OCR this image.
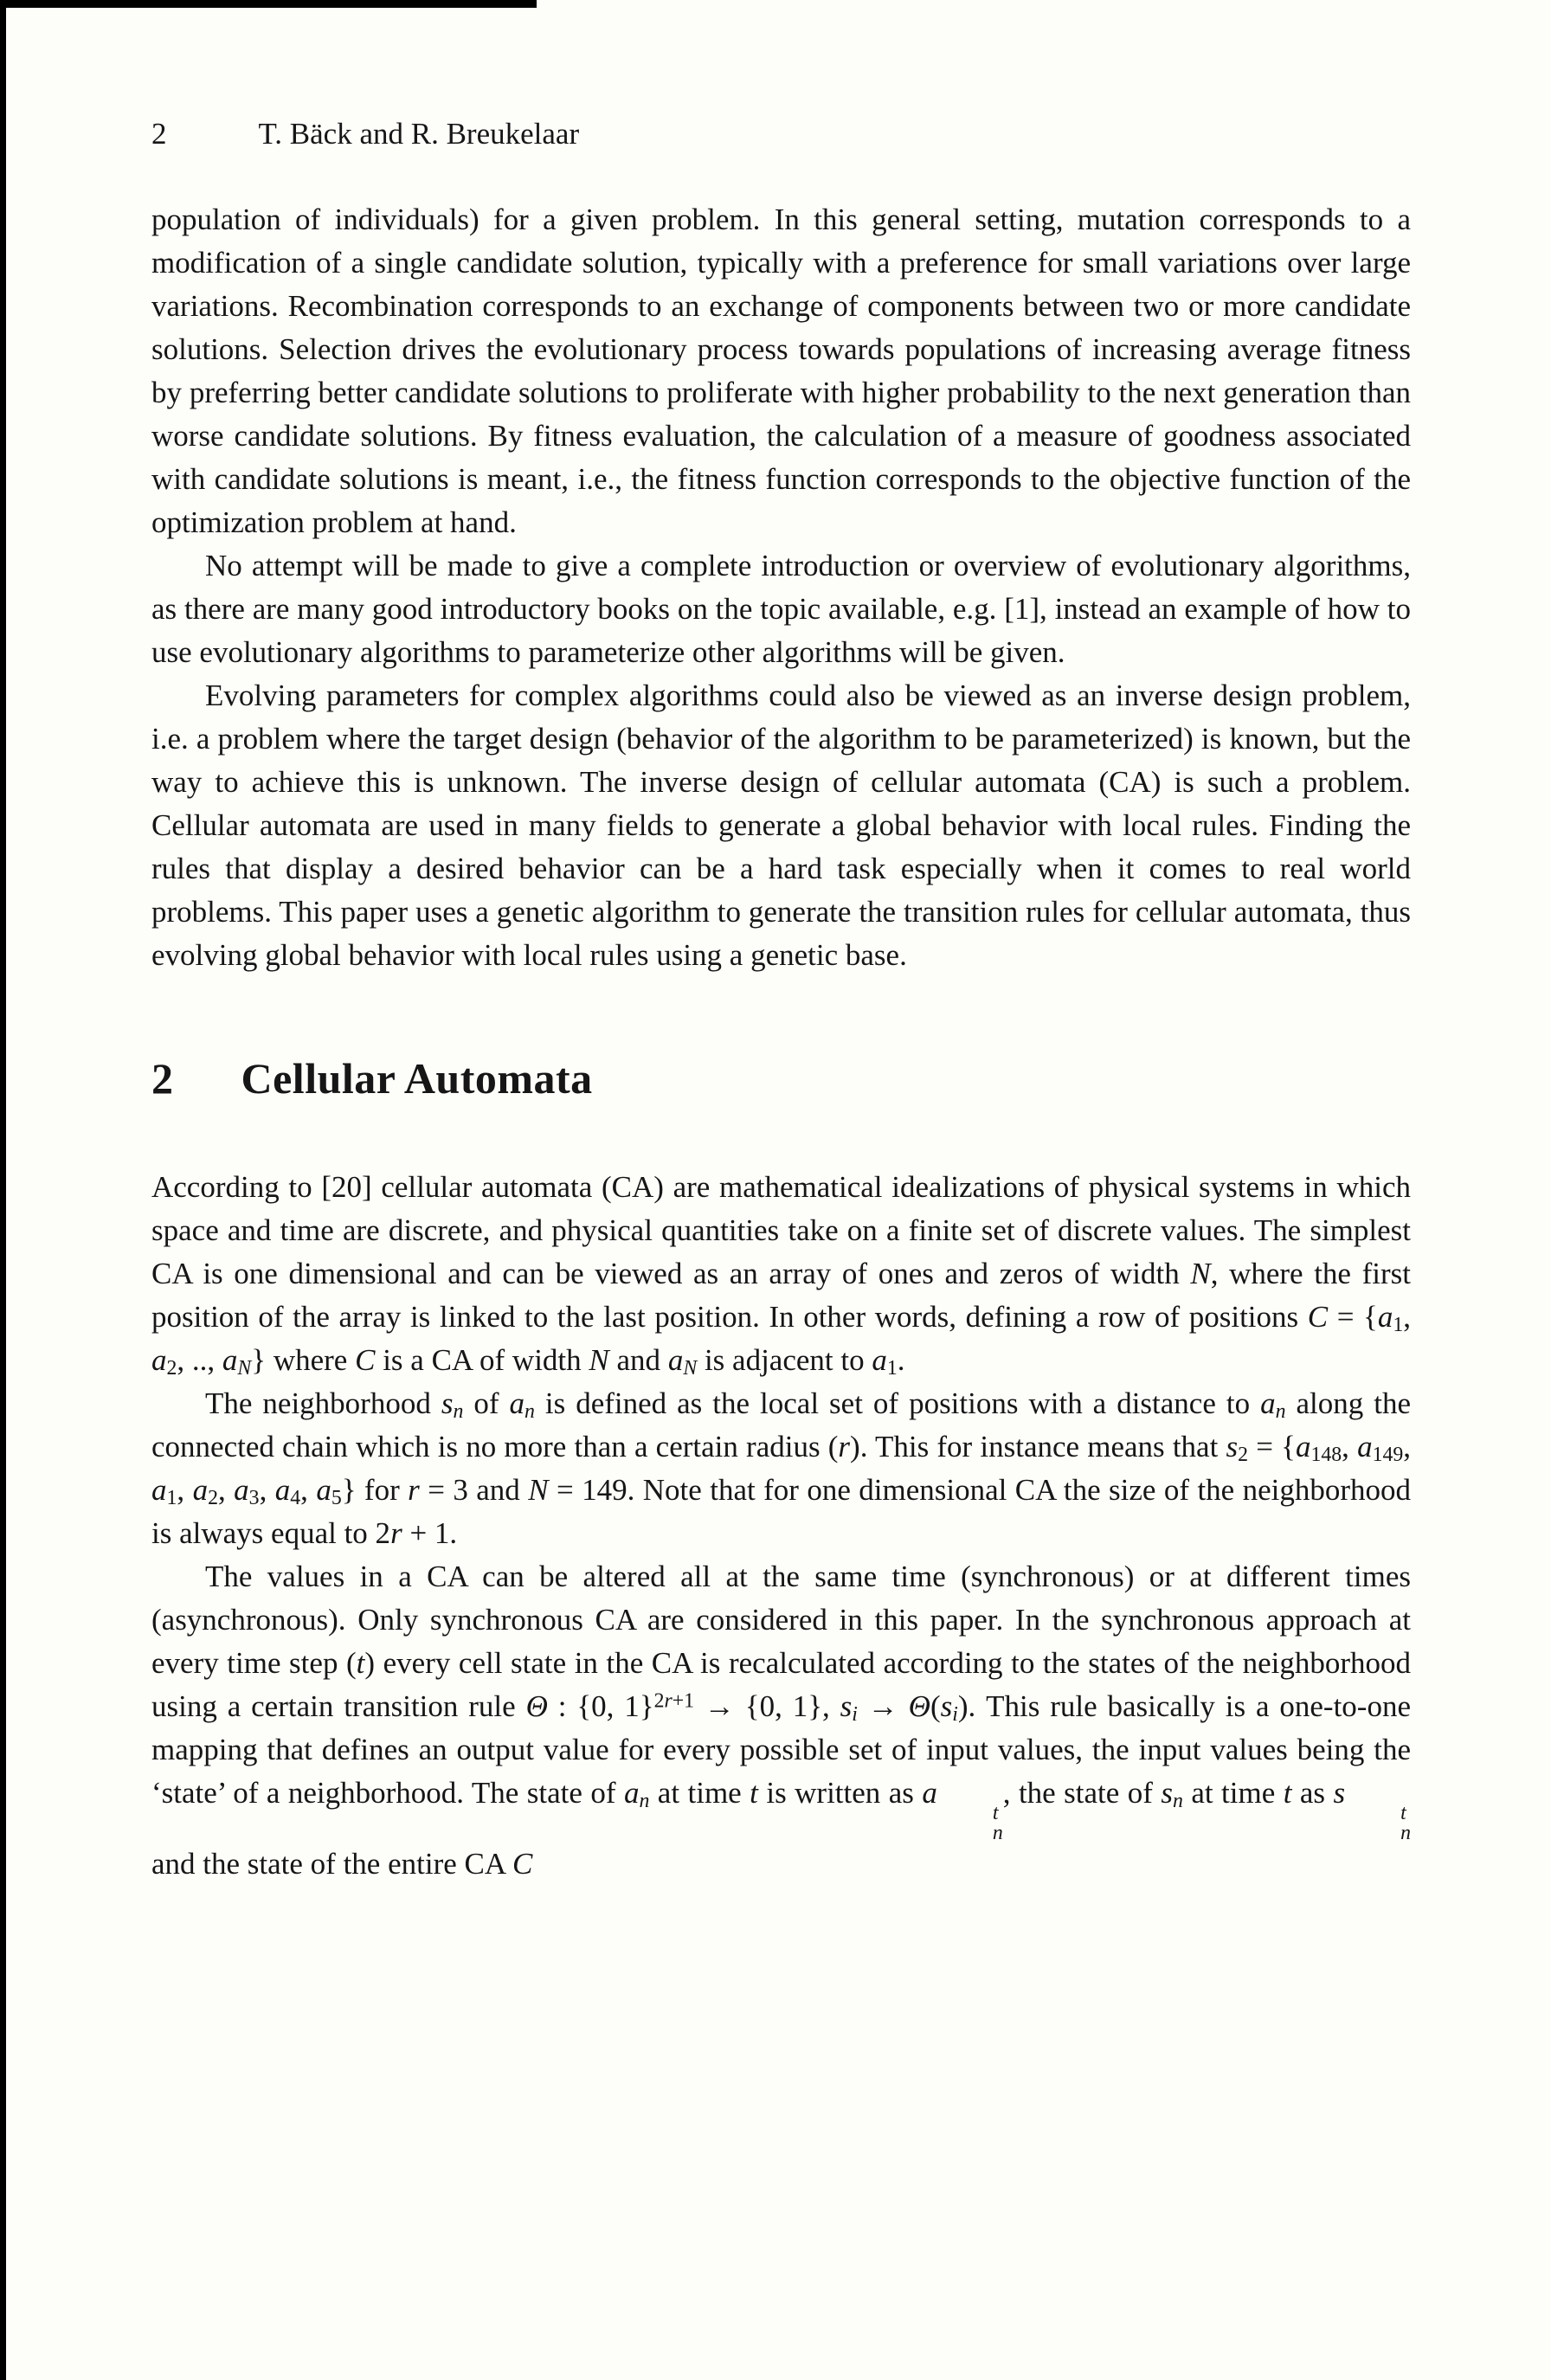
2	T. Bäck and R. Breukelaar

population of individuals) for a given problem. In this general setting, mutation corresponds to a modification of a single candidate solution, typically with a preference for small variations over large variations. Recombination corresponds to an exchange of components between two or more candidate solutions. Selection drives the evolutionary process towards populations of increasing average fitness by preferring better candidate solutions to proliferate with higher probability to the next generation than worse candidate solutions. By fitness evaluation, the calculation of a measure of goodness associated with candidate solutions is meant, i.e., the fitness function corresponds to the objective function of the optimization problem at hand.

No attempt will be made to give a complete introduction or overview of evolutionary algorithms, as there are many good introductory books on the topic available, e.g. [1], instead an example of how to use evolutionary algorithms to parameterize other algorithms will be given.

Evolving parameters for complex algorithms could also be viewed as an inverse design problem, i.e. a problem where the target design (behavior of the algorithm to be parameterized) is known, but the way to achieve this is unknown. The inverse design of cellular automata (CA) is such a problem. Cellular automata are used in many fields to generate a global behavior with local rules. Finding the rules that display a desired behavior can be a hard task especially when it comes to real world problems. This paper uses a genetic algorithm to generate the transition rules for cellular automata, thus evolving global behavior with local rules using a genetic base.

2 Cellular Automata

According to [20] cellular automata (CA) are mathematical idealizations of physical systems in which space and time are discrete, and physical quantities take on a finite set of discrete values. The simplest CA is one dimensional and can be viewed as an array of ones and zeros of width N, where the first position of the array is linked to the last position. In other words, defining a row of positions $C = \{a_1$, $a_2$, .., $a_N$} where C is a CA of width N and $a_N$ is adjacent to $a_1$.

The neighborhood $s_n$ of $a_n$ is defined as the local set of positions with a distance to $a_n$ along the connected chain which is no more than a certain radius (r). This for instance means that $s_2 = \{a_{148}$, $a_{149}$, $a_1$, $a_2$, $a_3$, $a_4$, $a_5$} for r = 3 and N = 149. Note that for one dimensional CA the size of the neighborhood is always equal to 2r + 1.

The values in a CA can be altered all at the same time (synchronous) or at different times (asynchronous). Only synchronous CA are considered in this paper. In the synchronous approach at every time step (t) every cell state in the CA is recalculated according to the states of the neighborhood using a certain transition rule Θ : {0, 1}$^{2r+1}$ → {0, 1}, $s_i \to \Theta(s_i)$. This rule basically is a one-to-one mapping that defines an output value for every possible set of input values, the input values being the ‘state’ of a neighborhood. The state of $a_n$ at time t is written as a
t
n
, the state of $s_n$ at time t as s
t
n
and the state of the entire CA C
